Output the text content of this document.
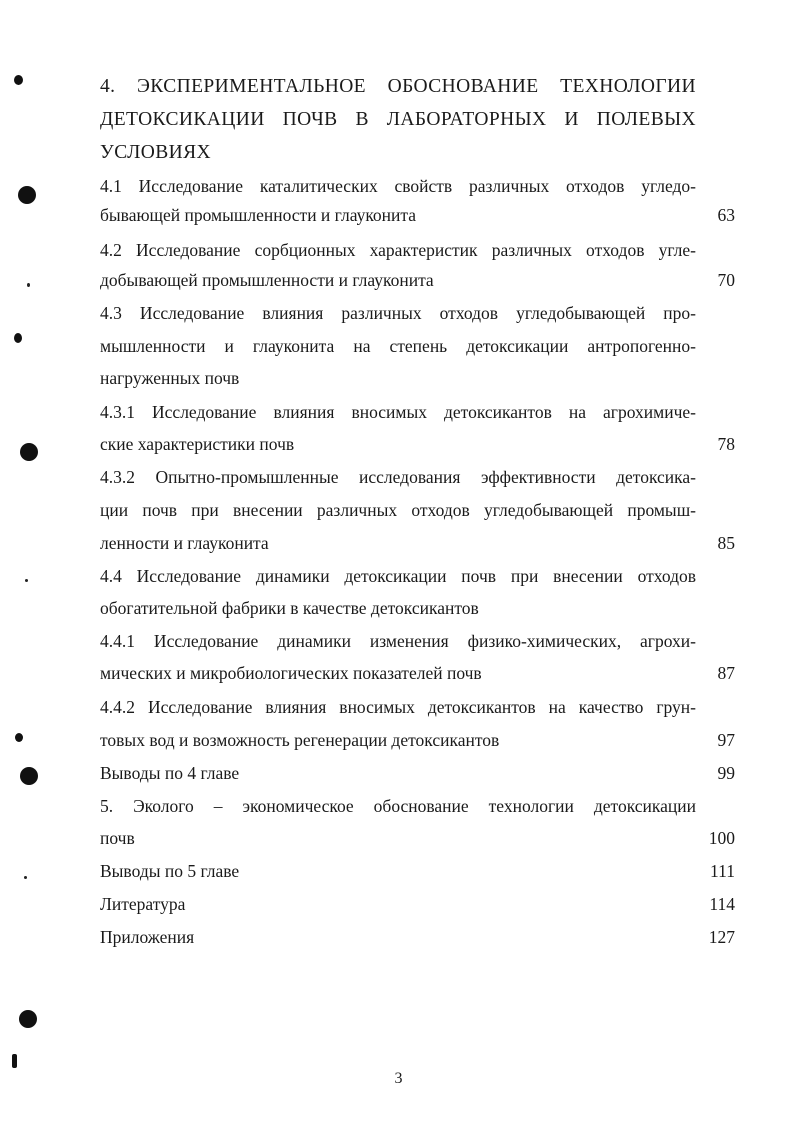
4. ЭКСПЕРИМЕНТАЛЬНОЕ ОБОСНОВАНИЕ ТЕХНОЛОГИИ ДЕТОКСИКАЦИИ ПОЧВ В ЛАБОРАТОРНЫХ И ПОЛЕВЫХ УСЛОВИЯХ
4.1 Исследование каталитических свойств различных отходов угледо-
бывающей промышленности и глауконита	63
4.2 Исследование сорбционных характеристик различных отходов угле-
добывающей промышленности и глауконита	70
4.3 Исследование влияния различных отходов угледобывающей про-
мышленности и глауконита на степень детоксикации антропогенно-
нагруженных почв
4.3.1 Исследование влияния вносимых детоксикантов на агрохимиче-
ские характеристики почв	78
4.3.2 Опытно-промышленные исследования эффективности детоксика-
ции почв при внесении различных отходов угледобывающей промыш-
ленности и глауконита	85
4.4 Исследование динамики детоксикации почв при внесении отходов
обогатительной фабрики в качестве детоксикантов
4.4.1 Исследование динамики изменения физико-химических, агрохи-
мических и микробиологических показателей почв	87
4.4.2 Исследование влияния вносимых детоксикантов на качество грун-
товых вод и возможность регенерации детоксикантов	97
Выводы по 4 главе	99
5. Эколого – экономическое обоснование технологии детоксикации
почв	100
Выводы по 5 главе	111
Литература	114
Приложения	127
3
